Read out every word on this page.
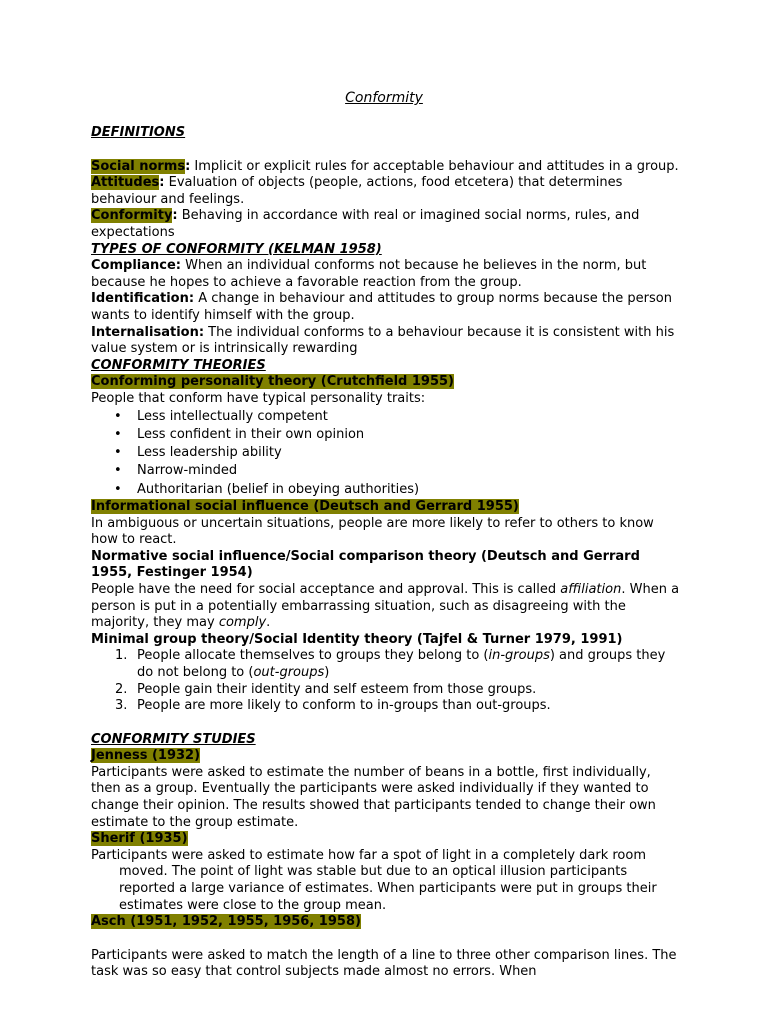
Conformity

DEFINITIONS

Social norms: Implicit or explicit rules for acceptable behaviour and attitudes in a group.

Attitudes: Evaluation of objects (people, actions, food etcetera) that determines behaviour and feelings.

Conformity: Behaving in accordance with real or imagined social norms, rules, and expectations

TYPES OF CONFORMITY (KELMAN 1958)

Compliance: When an individual conforms not because he believes in the norm, but because he hopes to achieve a favorable reaction from the group.

Identification: A change in behaviour and attitudes to group norms because the person wants to identify himself with the group.

Internalisation: The individual conforms to a behaviour because it is consistent with his value system or is intrinsically rewarding

CONFORMITY THEORIES

Conforming personality theory (Crutchfield 1955)

People that conform have typical personality traits:

• Less intellectually competent
• Less confident in their own opinion
• Less leadership ability
• Narrow-minded
• Authoritarian (belief in obeying authorities)

Informational social influence (Deutsch and Gerrard 1955)

In ambiguous or uncertain situations, people are more likely to refer to others to know how to react.

Normative social influence/Social comparison theory (Deutsch and Gerrard 1955, Festinger 1954)

People have the need for social acceptance and approval. This is called affiliation. When a person is put in a potentially embarrassing situation, such as disagreeing with the majority, they may comply.

Minimal group theory/Social Identity theory (Tajfel & Turner 1979, 1991)

1. People allocate themselves to groups they belong to (in-groups) and groups they do not belong to (out-groups)
2. People gain their identity and self esteem from those groups.
3. People are more likely to conform to in-groups than out-groups.

CONFORMITY STUDIES

Jenness (1932)

Participants were asked to estimate the number of beans in a bottle, first individually, then as a group. Eventually the participants were asked individually if they wanted to change their opinion. The results showed that participants tended to change their own estimate to the group estimate.

Sherif (1935)

Participants were asked to estimate how far a spot of light in a completely dark room moved. The point of light was stable but due to an optical illusion participants reported a large variance of estimates. When participants were put in groups their estimates were close to the group mean.

Asch (1951, 1952, 1955, 1956, 1958)

Participants were asked to match the length of a line to three other comparison lines. The task was so easy that control subjects made almost no errors. When
